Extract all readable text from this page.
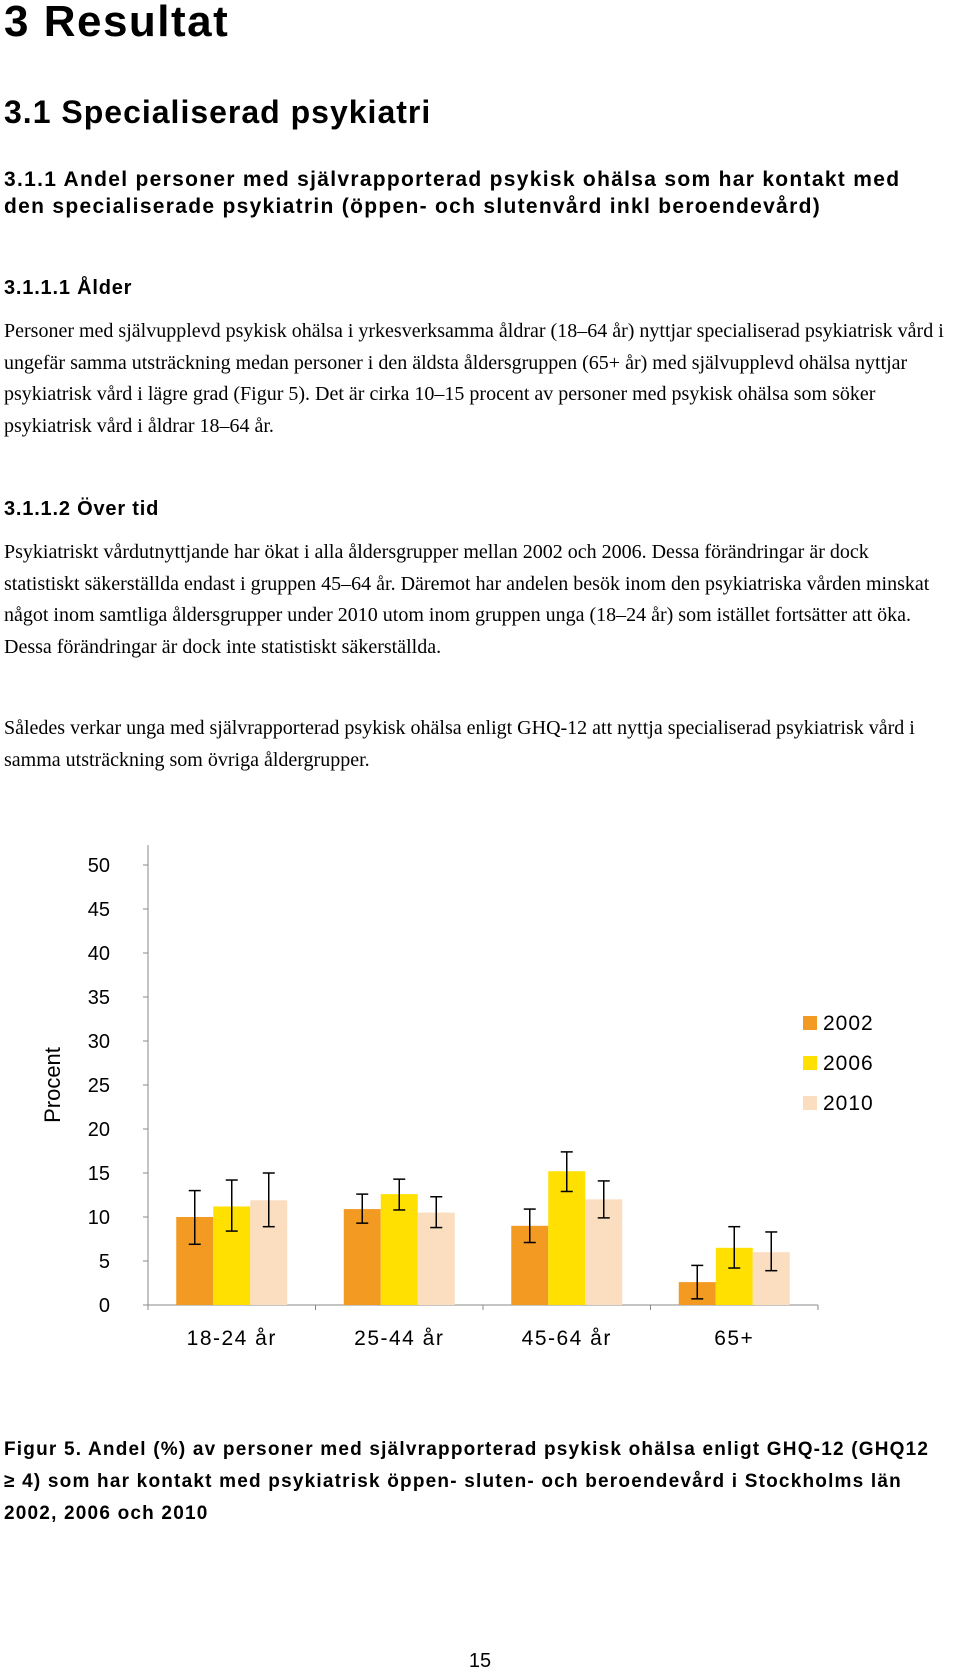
3 Resultat
3.1 Specialiserad psykiatri
3.1.1 Andel personer med självrapporterad psykisk ohälsa som har kontakt med den specialiserade psykiatrin (öppen- och slutenvård inkl beroendevård)
3.1.1.1 Ålder

Personer med självupplevd psykisk ohälsa i yrkesverksamma åldrar (18–64 år) nyttjar specialiserad psykiatrisk vård i ungefär samma utsträckning medan personer i den äldsta åldersgruppen (65+ år) med självupplevd ohälsa nyttjar psykiatrisk vård i lägre grad (Figur 5). Det är cirka 10–15 procent av personer med psykisk ohälsa som söker psykiatrisk vård i åldrar 18–64 år.

3.1.1.2 Över tid

Psykiatriskt vårdutnyttjande har ökat i alla åldersgrupper mellan 2002 och 2006. Dessa förändringar är dock statistiskt säkerställda endast i gruppen 45–64 år. Däremot har andelen besök inom den psykiatriska vården minskat något inom samtliga åldersgrupper under 2010 utom inom gruppen unga (18–24 år) som istället fortsätter att öka. Dessa förändringar är dock inte statistiskt säkerställda.

Således verkar unga med självrapporterad psykisk ohälsa enligt GHQ-12 att nyttja specialiserad psykiatrisk vård i samma utsträckning som övriga åldergrupper.

0
5
10
15
20
25
30
35
40
45
50
Procent
18-24 år	25-44 år	45-64 år	65+
2002
2006
2010

Figur 5. Andel (%) av personer med självrapporterad psykisk ohälsa enligt GHQ-12 (GHQ12 ≥ 4) som har kontakt med psykiatrisk öppen- sluten- och beroendevård i Stockholms län 2002, 2006 och 2010

15
